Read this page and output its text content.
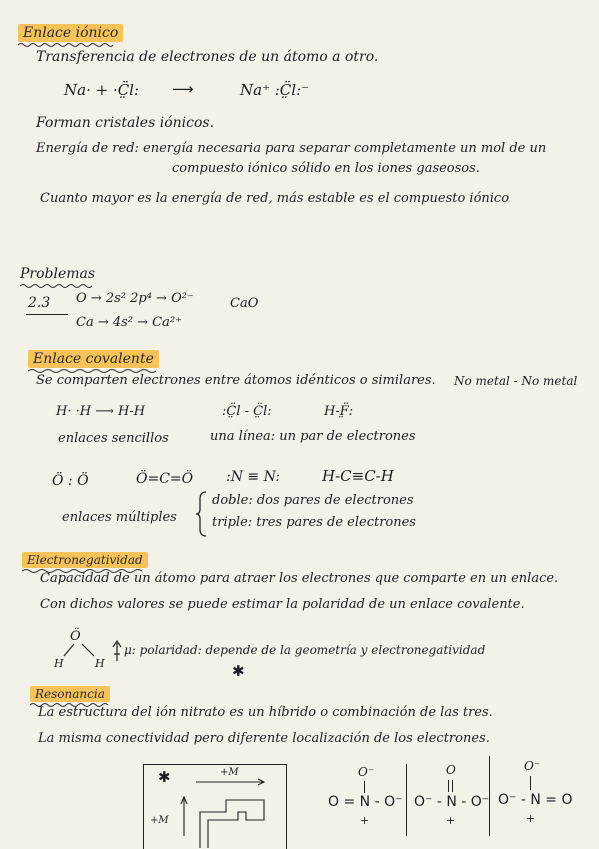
Enlace iónico
Transferencia de electrones de un átomo a otro.
Na· + ·C̤̈l: ⟶	Na⁺ :C̤̈l:⁻
Forman cristales iónicos.
Energía de red: energía necesaria para separar completamente un mol de un
compuesto iónico sólido en los iones gaseosos.
Cuanto mayor es la energía de red, más estable es el compuesto iónico
Problemas
2.3 O → 2s² 2p⁴ → O²⁻	CaO
Ca → 4s² → Ca²⁺
Enlace covalente
Se comparten electrones entre átomos idénticos o similares. No metal - No metal
H· ·H ⟶ H-H	:C̤̈l - C̤̈l:	H-F̤̈:
enlaces sencillos	una línea: un par de electrones
Ö : Ö	Ö=C=Ö :N ≡ N:	H-C≡C-H
enlaces múltiples
doble: dos pares de electrones
triple: tres pares de electrones
Electronegatividad
Capacidad de un átomo para atraer los electrones que comparte en un enlace.
Con dichos valores se puede estimar la polaridad de un enlace covalente.
Ö
H	H
μ: polaridad: depende de la geometría y electronegatividad
✱
Resonancia
La estructura del ión nitrato es un híbrido o combinación de las tres.
La misma conectividad pero diferente localización de los electrones.
✱	+M
+M
O⁻
O = N - O⁻
+
O
O⁻ - N - O⁻
+
O⁻
O⁻ - N = O
+
